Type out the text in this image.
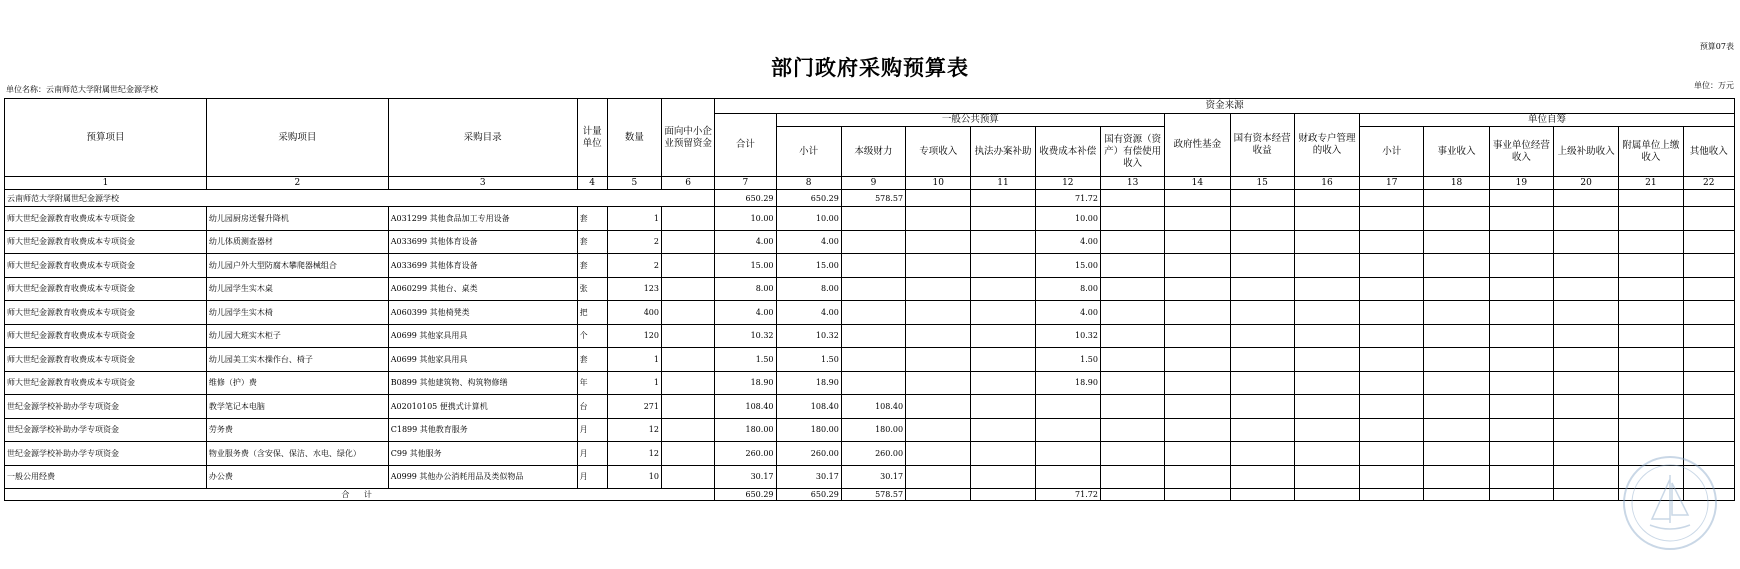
预算07表
部门政府采购预算表
单位名称：云南师范大学附属世纪金源学校	单位：万元
预算项目	采购项目	采购目录	计量单位	数量	面向中小企业预留资金	资金来源															
						合计	一般公共预算						政府性基金	国有资本经营收益	财政专户管理的收入	单位自筹					
							小计	本级财力	专项收入	执法办案补助	收费成本补偿	国有资源（资产）有偿使用收入				小计	事业收入	事业单位经营收入	上级补助收入	附属单位上缴收入	其他收入
1	2	3	4	5	6	7	8	9	10	11	12	13	14	15	16	17	18	19	20	21	22
云南师范大学附属世纪金源学校						650.29	650.29	578.57			71.72										
师大世纪金源教育收费成本专项资金	幼儿园厨房送餐升降机	A031299 其他食品加工专用设备	套	1		10.00	10.00				10.00										
师大世纪金源教育收费成本专项资金	幼儿体质测查器材	A033699 其他体育设备	套	2		4.00	4.00				4.00										
师大世纪金源教育收费成本专项资金	幼儿园户外大型防腐木攀爬器械组合	A033699 其他体育设备	套	2		15.00	15.00				15.00										
师大世纪金源教育收费成本专项资金	幼儿园学生实木桌	A060299 其他台、桌类	张	123		8.00	8.00				8.00										
师大世纪金源教育收费成本专项资金	幼儿园学生实木椅	A060399 其他椅凳类	把	400		4.00	4.00				4.00										
师大世纪金源教育收费成本专项资金	幼儿园大班实木柜子	A0699 其他家具用具	个	120		10.32	10.32				10.32										
师大世纪金源教育收费成本专项资金	幼儿园美工实木操作台、椅子	A0699 其他家具用具	套	1		1.50	1.50				1.50										
师大世纪金源教育收费成本专项资金	维修（护）费	B0899 其他建筑物、构筑物修缮	年	1		18.90	18.90				18.90										
世纪金源学校补助办学专项资金	教学笔记本电脑	A02010105 便携式计算机	台	271		108.40	108.40	108.40													
世纪金源学校补助办学专项资金	劳务费	C1899 其他教育服务	月	12		180.00	180.00	180.00													
世纪金源学校补助办学专项资金	物业服务费（含安保、保洁、水电、绿化）	C99 其他服务	月	12		260.00	260.00	260.00													
一般公用经费	办公费	A0999 其他办公消耗用品及类似物品	月	10		30.17	30.17	30.17													
合 计						650.29	650.29	578.57			71.72										
